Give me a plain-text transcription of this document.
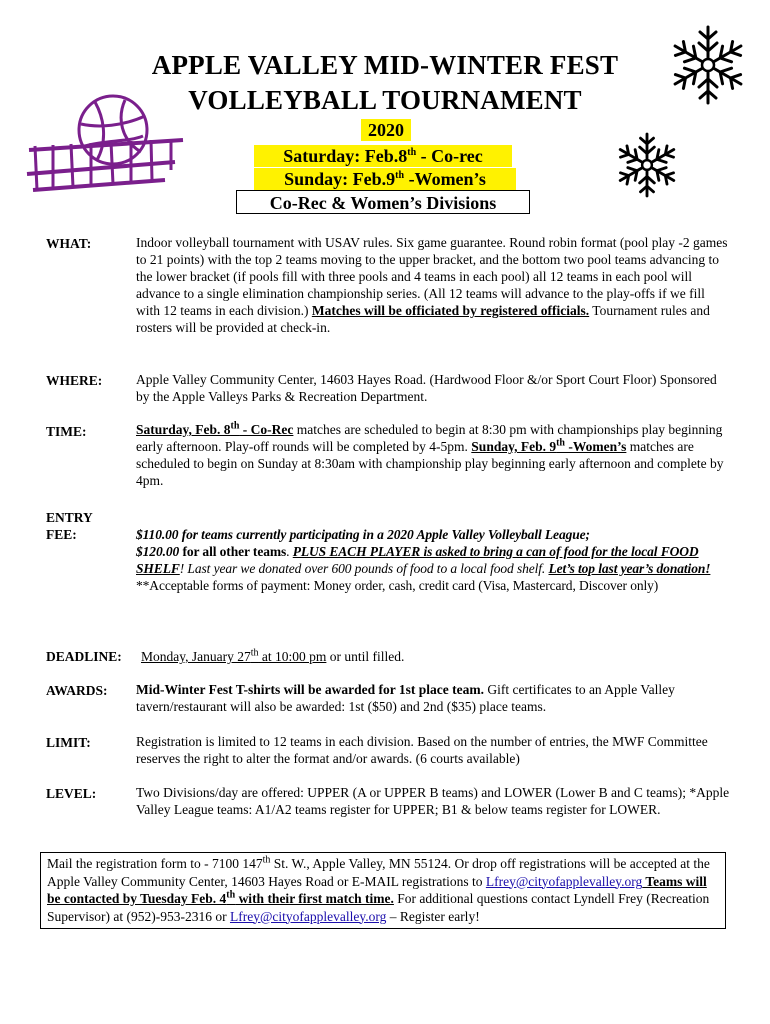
APPLE VALLEY MID-WINTER FEST
VOLLEYBALL TOURNAMENT
2020
Saturday: Feb.8th - Co-rec
Sunday: Feb.9th -Women’s
Co-Rec & Women’s Divisions
WHAT:	Indoor volleyball tournament with USAV rules. Six game guarantee. Round robin format (pool play -2 games to 21 points) with the top 2 teams moving to the upper bracket, and the bottom two pool teams advancing to the lower bracket (if pools fill with three pools and 4 teams in each pool) all 12 teams in each pool will advance to a single elimination championship series. (All 12 teams will advance to the play-offs if we fill with 12 teams in each division.) Matches will be officiated by registered officials. Tournament rules and rosters will be provided at check-in.
WHERE: Apple Valley Community Center, 14603 Hayes Road. (Hardwood Floor &/or Sport Court Floor) Sponsored by the Apple Valleys Parks & Recreation Department.
TIME:	Saturday, Feb. 8th - Co-Rec matches are scheduled to begin at 8:30 pm with championships play beginning early afternoon. Play-off rounds will be completed by 4-5pm. Sunday, Feb. 9th -Women’s matches are scheduled to begin on Sunday at 8:30am with championship play beginning early afternoon and complete by 4pm.
ENTRY
FEE:	$110.00 for teams currently participating in a 2020 Apple Valley Volleyball League;
$120.00 for all other teams. PLUS EACH PLAYER is asked to bring a can of food for the local FOOD SHELF! Last year we donated over 600 pounds of food to a local food shelf. Let’s top last year’s donation!
**Acceptable forms of payment: Money order, cash, credit card (Visa, Mastercard, Discover only)
DEADLINE: Monday, January 27th at 10:00 pm or until filled.
AWARDS: Mid-Winter Fest T-shirts will be awarded for 1st place team. Gift certificates to an Apple Valley tavern/restaurant will also be awarded: 1st ($50) and 2nd ($35) place teams.
LIMIT:	Registration is limited to 12 teams in each division. Based on the number of entries, the MWF Committee reserves the right to alter the format and/or awards. (6 courts available)
LEVEL:	Two Divisions/day are offered: UPPER (A or UPPER B teams) and LOWER (Lower B and C teams); *Apple Valley League teams: A1/A2 teams register for UPPER; B1 & below teams register for LOWER.
Mail the registration form to - 7100 147th St. W., Apple Valley, MN 55124. Or drop off registrations will be accepted at the Apple Valley Community Center, 14603 Hayes Road or E-MAIL registrations to Lfrey@cityofapplevalley.org Teams will be contacted by Tuesday Feb. 4th with their first match time. For additional questions contact Lyndell Frey (Recreation Supervisor) at (952)-953-2316 or Lfrey@cityofapplevalley.org – Register early!
